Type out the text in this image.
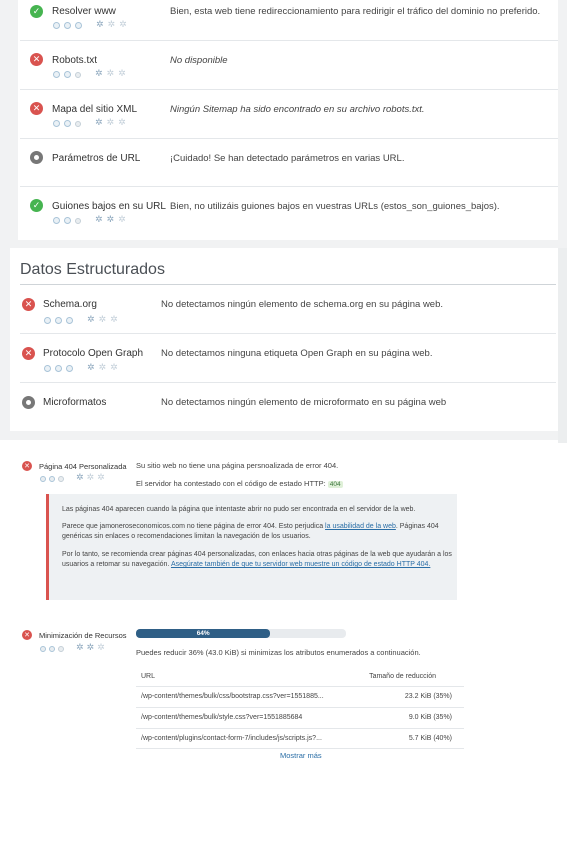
✓ Resolver www	Bien, esta web tiene redireccionamiento para redirigir el tráfico del dominio no preferido.
✲ ✲ ✲
✕ Robots.txt	No disponible
✲ ✲ ✲
✕ Mapa del sitio XML	Ningún Sitemap ha sido encontrado en su archivo robots.txt.
✲ ✲ ✲
Parámetros de URL	¡Cuidado! Se han detectado parámetros en varias URL.
✓ Guiones bajos en su URL Bien, no utilizáis guiones bajos en vuestras URLs (estos_son_guiones_bajos).
✲ ✲ ✲
Datos Estructurados
✕ Schema.org	No detectamos ningún elemento de schema.org en su página web.
✲ ✲ ✲
✕ Protocolo Open Graph No detectamos ninguna etiqueta Open Graph en su página web.
✲ ✲ ✲
Microformatos	No detectamos ningún elemento de microformato en su página web
✕ Página 404 Personalizada Su sitio web no tiene una página persnoalizada de error 404.
✲ ✲ ✲
El servidor ha contestado con el código de estado HTTP: 404

Las páginas 404 aparecen cuando la página que intentaste abrir no pudo ser encontrada en el servidor de la web.

Parece que jamoneroseconomicos.com no tiene página de error 404. Esto perjudica la usabilidad de la web. Páginas 404 genéricas sin enlaces o recomendaciones limitan la navegación de los usuarios.

Por lo tanto, se recomienda crear páginas 404 personalizadas, con enlaces hacia otras páginas de la web que ayudarán a los usuarios a retomar su navegación. Asegúrate también de que tu servidor web muestre un código de estado HTTP 404.

✕ Minimización de Recursos
✲ ✲ ✲
64%
Puedes reducir 36% (43.0 KiB) si minimizas los atributos enumerados a continuación.
URL	Tamaño de reducción
/wp-content/themes/bulk/css/bootstrap.css?ver=1551885...	23.2 KiB (35%)
/wp-content/themes/bulk/style.css?ver=1551885684	9.0 KiB (35%)
/wp-content/plugins/contact-form-7/includes/js/scripts.js?...	5.7 KiB (40%)
Mostrar más
